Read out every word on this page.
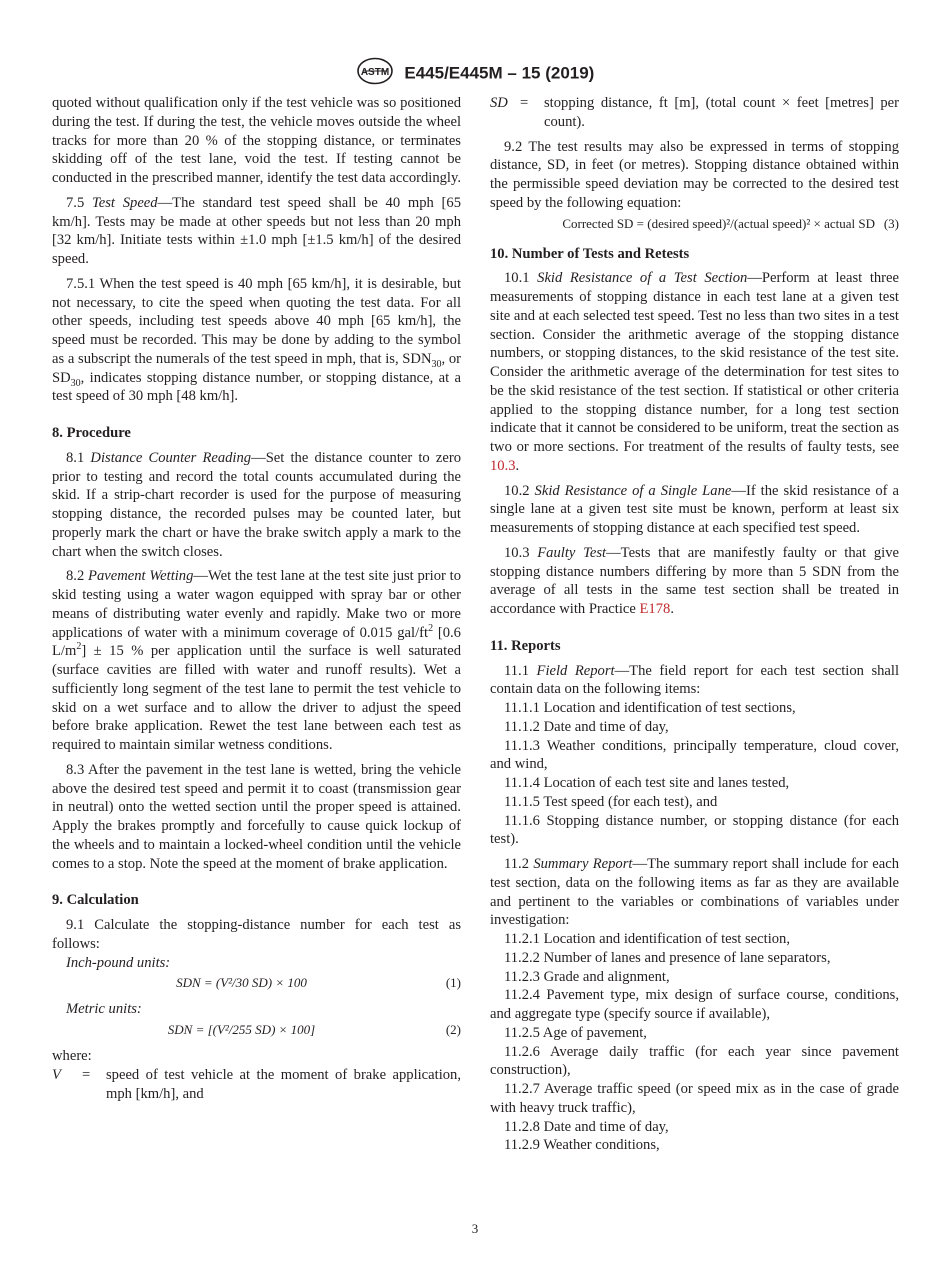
ASTM E445/E445M – 15 (2019)

quoted without qualification only if the test vehicle was so positioned during the test. If during the test, the vehicle moves outside the wheel tracks for more than 20 % of the stopping distance, or terminates skidding off of the test lane, void the test. If testing cannot be conducted in the prescribed manner, identify the test data accordingly.

7.5 Test Speed—The standard test speed shall be 40 mph [65 km/h]. Tests may be made at other speeds but not less than 20 mph [32 km/h]. Initiate tests within ±1.0 mph [±1.5 km/h] of the desired speed.

7.5.1 When the test speed is 40 mph [65 km/h], it is desirable, but not necessary, to cite the speed when quoting the test data. For all other speeds, including test speeds above 40 mph [65 km/h], the speed must be recorded. This may be done by adding to the symbol as a subscript the numerals of the test speed in mph, that is, $SDN_{30}$, or $SD_{30}$, indicates stopping distance number, or stopping distance, at a test speed of 30 mph [48 km/h].

8. Procedure

8.1 Distance Counter Reading—Set the distance counter to zero prior to testing and record the total counts accumulated during the skid. If a strip-chart recorder is used for the purpose of measuring stopping distance, the recorded pulses may be counted later, but properly mark the chart or have the brake switch apply a mark to the chart when the switch closes.

8.2 Pavement Wetting—Wet the test lane at the test site just prior to skid testing using a water wagon equipped with spray bar or other means of distributing water evenly and rapidly. Make two or more applications of water with a minimum coverage of 0.015 gal/$ft^2$ [0.6 $L/m^2] \pm 15$ % per application until the surface is well saturated (surface cavities are filled with water and runoff results). Wet a sufficiently long segment of the test lane to permit the test vehicle to skid on a wet surface and to allow the driver to adjust the speed before brake application. Rewet the test lane between each test as required to maintain similar wetness conditions.

8.3 After the pavement in the test lane is wetted, bring the vehicle above the desired test speed and permit it to coast (transmission gear in neutral) onto the wetted section until the proper speed is attained. Apply the brakes promptly and forcefully to cause quick lockup of the wheels and to maintain a locked-wheel condition until the vehicle comes to a stop. Note the speed at the moment of brake application.

9. Calculation

9.1 Calculate the stopping-distance number for each test as follows:

Inch-pound units:

SDN = (V²/30 SD) × 100	(1)

Metric units:

SDN = [(V²/255 SD) × 100]	(2)

where:

V	=	speed of test vehicle at the moment of brake application, mph [km/h], and
SD =	stopping distance, ft [m], (total count × feet [metres] per count).

9.2 The test results may also be expressed in terms of stopping distance, SD, in feet (or metres). Stopping distance obtained within the permissible speed deviation may be corrected to the desired test speed by the following equation:

Corrected SD = (desired speed)²/(actual speed)² × actual SD (3)
10. Number of Tests and Retests

10.1 Skid Resistance of a Test Section—Perform at least three measurements of stopping distance in each test lane at a given test site and at each selected test speed. Test no less than two sites in a test section. Consider the arithmetic average of the stopping distance numbers, or stopping distances, to the skid resistance of the test site. Consider the arithmetic average of the determination for test sites to be the skid resistance of the test section. If statistical or other criteria applied to the stopping distance number, for a long test section indicate that it cannot be considered to be uniform, treat the section as two or more sections. For treatment of the results of faulty tests, see 10.3.

10.2 Skid Resistance of a Single Lane—If the skid resistance of a single lane at a given test site must be known, perform at least six measurements of stopping distance at each specified test speed.

10.3 Faulty Test—Tests that are manifestly faulty or that give stopping distance numbers differing by more than 5 SDN from the average of all tests in the same test section shall be treated in accordance with Practice E178.

11. Reports

11.1 Field Report—The field report for each test section shall contain data on the following items:

11.1.1 Location and identification of test sections,

11.1.2 Date and time of day,

11.1.3 Weather conditions, principally temperature, cloud cover, and wind,

11.1.4 Location of each test site and lanes tested,

11.1.5 Test speed (for each test), and

11.1.6 Stopping distance number, or stopping distance (for each test).

11.2 Summary Report—The summary report shall include for each test section, data on the following items as far as they are available and pertinent to the variables or combinations of variables under investigation:

11.2.1 Location and identification of test section,

11.2.2 Number of lanes and presence of lane separators,

11.2.3 Grade and alignment,

11.2.4 Pavement type, mix design of surface course, conditions, and aggregate type (specify source if available),

11.2.5 Age of pavement,

11.2.6 Average daily traffic (for each year since pavement construction),

11.2.7 Average traffic speed (or speed mix as in the case of grade with heavy truck traffic),

11.2.8 Date and time of day,

11.2.9 Weather conditions,

3
